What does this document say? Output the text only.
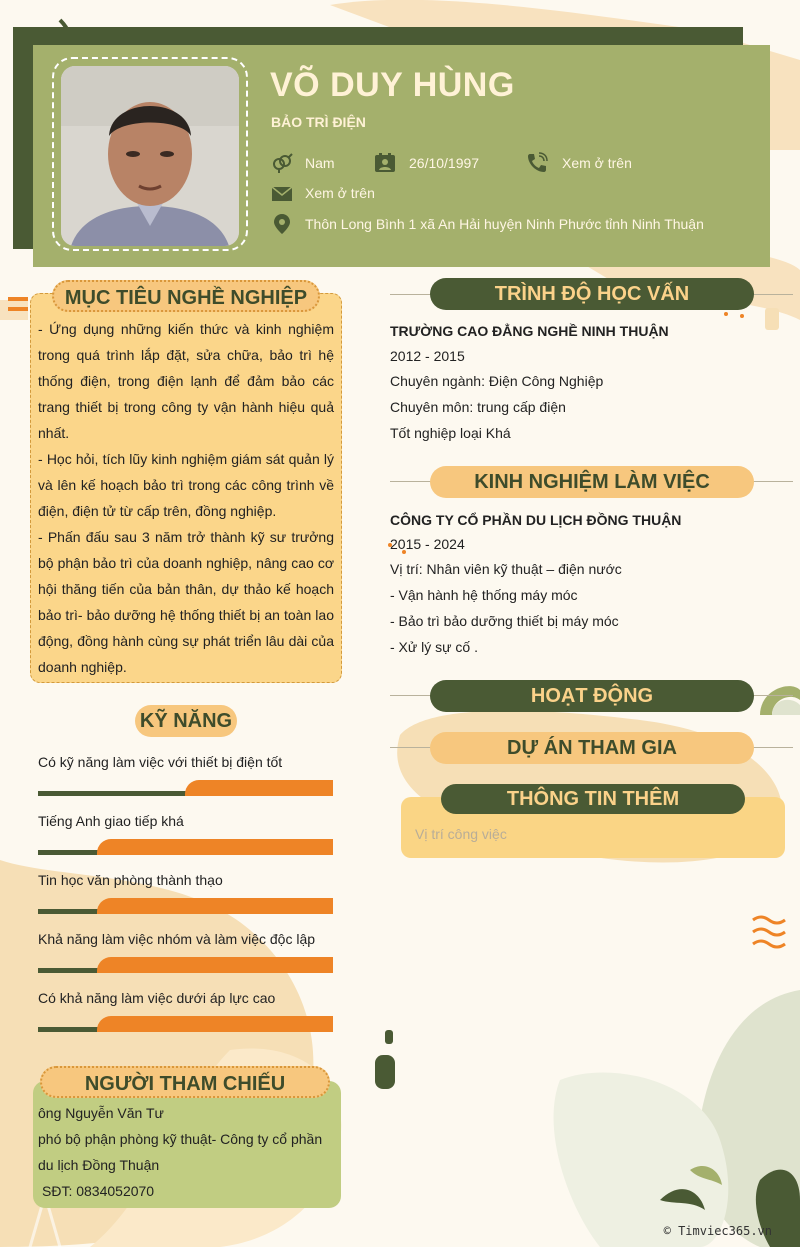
VÕ DUY HÙNG
BẢO TRÌ ĐIỆN
Nam	26/10/1997	Xem ở trên
Xem ở trên
Thôn Long Bình 1 xã An Hải huyện Ninh Phước tỉnh Ninh Thuận
MỤC TIÊU NGHỀ NGHIỆP
- Ứng dụng những kiến thức và kinh nghiệm trong quá trình lắp đặt, sửa chữa, bảo trì hệ thống điện, trong điện lạnh để đảm bảo các trang thiết bị trong công ty vận hành hiệu quả nhất.
- Học hỏi, tích lũy kinh nghiệm giám sát quản lý và lên kế hoạch bảo trì trong các công trình về điện, điện tử từ cấp trên, đồng nghiệp.
- Phấn đấu sau 3 năm trở thành kỹ sư trưởng bộ phận bảo trì của doanh nghiệp, nâng cao cơ hội thăng tiến của bản thân, dự thảo kế hoạch bảo trì- bảo dưỡng hệ thống thiết bị an toàn lao động, đồng hành cùng sự phát triển lâu dài của doanh nghiệp.
KỸ NĂNG
Có kỹ năng làm việc với thiết bị điện tốt
Tiếng Anh giao tiếp khá
Tin học văn phòng thành thạo
Khả năng làm việc nhóm và làm việc độc lập
Có khả năng làm việc dưới áp lực cao
NGƯỜI THAM CHIẾU
ông Nguyễn Văn Tư
phó bộ phận phòng kỹ thuật- Công ty cổ phần
du lịch Đồng Thuận
SĐT: 0834052070
TRÌNH ĐỘ HỌC VẤN
TRƯỜNG CAO ĐẲNG NGHỀ NINH THUẬN
2012 - 2015
Chuyên ngành: Điện Công Nghiệp
Chuyên môn: trung cấp điện
Tốt nghiệp loại Khá
KINH NGHIỆM LÀM VIỆC
CÔNG TY CỔ PHẦN DU LỊCH ĐỒNG THUẬN
2015 - 2024
Vị trí: Nhân viên kỹ thuật – điện nước
- Vận hành hệ thống máy móc
- Bảo trì bảo dưỡng thiết bị máy móc
- Xử lý sự cố .
HOẠT ĐỘNG
DỰ ÁN THAM GIA
THÔNG TIN THÊM
Vị trí công việc
© Timviec365.vn
